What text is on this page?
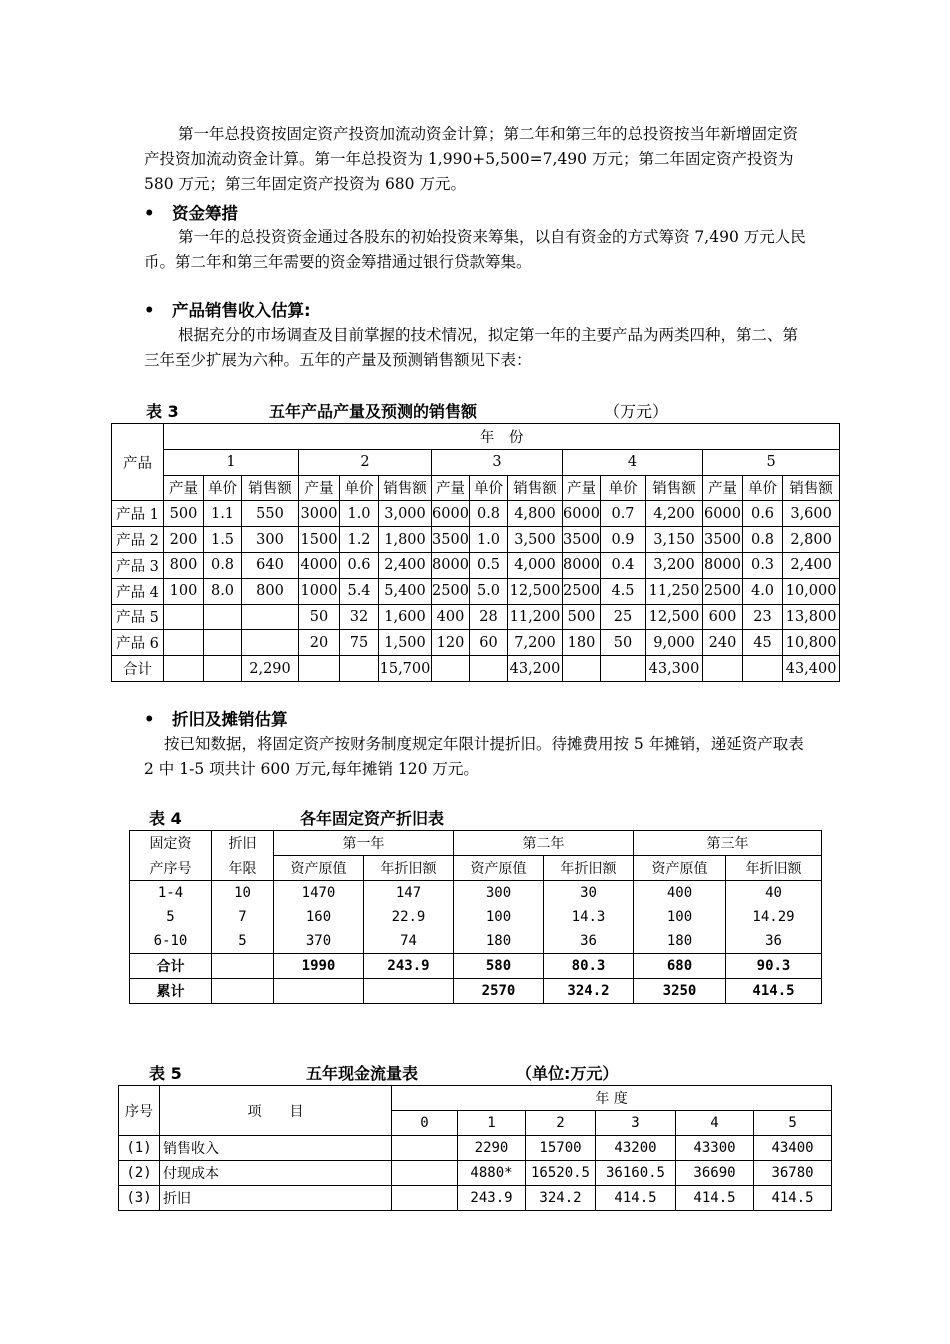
第一年总投资按固定资产投资加流动资金计算；第二年和第三年的总投资按当年新增固定资产投资加流动资金计算。第一年总投资为 1,990+5,500=7,490 万元；第二年固定资产投资为 580 万元；第三年固定资产投资为 680 万元。

• 资金筹措

第一年的总投资资金通过各股东的初始投资来筹集，以自有资金的方式筹资 7,490 万元人民币。第二年和第三年需要的资金筹措通过银行贷款筹集。

• 产品销售收入估算:

根据充分的市场调查及目前掌握的技术情况，拟定第一年的主要产品为两类四种，第二、第三年至少扩展为六种。五年的产量及预测销售额见下表：

表 3	五年产品产量及预测的销售额	（万元）
产品	年　份														
	1			2			3			4			5		
	产量	单价	销售额	产量	单价	销售额	产量	单价	销售额	产量	单价	销售额	产量	单价	销售额
产品 1	500	1.1	550	3000	1.0	3,000	6000	0.8	4,800	6000	0.7	4,200	6000	0.6	3,600
产品 2	200	1.5	300	1500	1.2	1,800	3500	1.0	3,500	3500	0.9	3,150	3500	0.8	2,800
产品 3	800	0.8	640	4000	0.6	2,400	8000	0.5	4,000	8000	0.4	3,200	8000	0.3	2,400
产品 4	100	8.0	800	1000	5.4	5,400	2500	5.0	12,500	2500	4.5	11,250	2500	4.0	10,000
产品 5				50	32	1,600	400	28	11,200	500	25	12,500	600	23	13,800
产品 6				20	75	1,500	120	60	7,200	180	50	9,000	240	45	10,800
合计			2,290			15,700			43,200			43,300			43,400
• 折旧及摊销估算

按已知数据，将固定资产按财务制度规定年限计提折旧。待摊费用按 5 年摊销，递延资产取表 2 中 1-5 项共计 600 万元,每年摊销 120 万元。

表 4	各年固定资产折旧表
固定资	折旧	第一年		第二年		第三年	
产序号	年限	资产原值	年折旧额	资产原值	年折旧额	资产原值	年折旧额
1-4	10	1470	147	300	30	400	40
5	7	160	22.9	100	14.3	100	14.29
6-10	5	370	74	180	36	180	36
合计		1990	243.9	580	80.3	680	90.3
累计				2570	324.2	3250	414.5
表 5	五年现金流量表	（单位:万元）
序号	项　　目	年 度					
		0	1	2	3	4	5
(1)	销售收入		2290	15700	43200	43300	43400
(2)	付现成本		4880*	16520.5	36160.5	36690	36780
(3)	折旧		243.9	324.2	414.5	414.5	414.5
